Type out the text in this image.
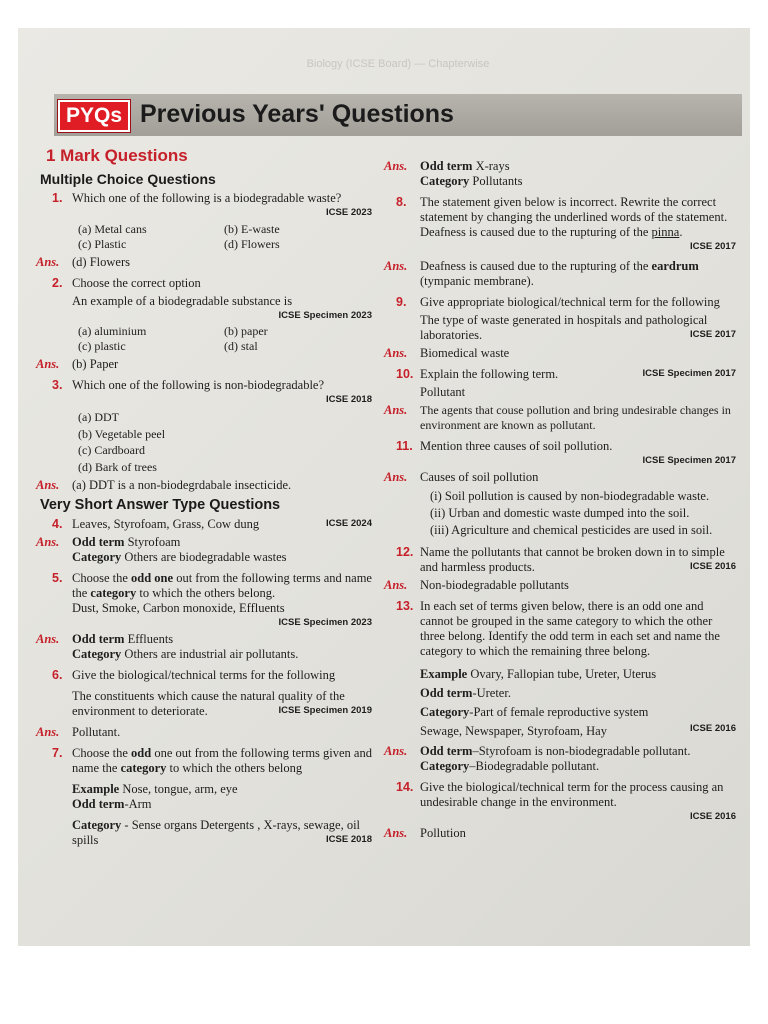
Biology (ICSE Board) — Chapterwise
PYQs Previous Years' Questions
1 Mark Questions
Multiple Choice Questions
1. Which one of the following is a biodegradable waste?
ICSE 2023
(a) Metal cans	(b) E-waste
(c) Plastic	(d) Flowers
Ans. (d) Flowers
2. Choose the correct option
An example of a biodegradable substance is
ICSE Specimen 2023
(a) aluminium	(b) paper
(c) plastic	(d) stal
Ans. (b) Paper
3. Which one of the following is non-biodegradable?
ICSE 2018
(a) DDT
(b) Vegetable peel
(c) Cardboard
(d) Bark of trees
Ans. (a) DDT is a non-biodegrdabale insecticide.
Very Short Answer Type Questions
4. Leaves, Styrofoam, Grass, Cow dung	ICSE 2024
Ans. Odd term Styrofoam
Category Others are biodegradable wastes
5. Choose the odd one out from the following terms and name the category to which the others belong.
Dust, Smoke, Carbon monoxide, Effluents
ICSE Specimen 2023
Ans. Odd term Effluents
Category Others are industrial air pollutants.
6. Give the biological/technical terms for the following
The constituents which cause the natural quality of the environment to deteriorate.	ICSE Specimen 2019
Ans. Pollutant.
7. Choose the odd one out from the following terms given and name the category to which the others belong
Example Nose, tongue, arm, eye
Odd term-Arm
Category - Sense organs Detergents , X-rays, sewage, oil spills	ICSE 2018
Ans. Odd term X-rays
Category Pollutants
8. The statement given below is incorrect. Rewrite the correct statement by changing the underlined words of the statement.
Deafness is caused due to the rupturing of the pinna.
ICSE 2017
Ans. Deafness is caused due to the rupturing of the eardrum (tympanic membrane).
9. Give appropriate biological/technical term for the following
The type of waste generated in hospitals and pathological laboratories.	ICSE 2017
Ans. Biomedical waste
10. Explain the following term.	ICSE Specimen 2017
Pollutant
Ans. The agents that couse pollution and bring undesirable changes in environment are known as pollutant.
11. Mention three causes of soil pollution.
ICSE Specimen 2017
Ans. Causes of soil pollution
(i) Soil pollution is caused by non-biodegradable waste.
(ii) Urban and domestic waste dumped into the soil.
(iii) Agriculture and chemical pesticides are used in soil.
12. Name the pollutants that cannot be broken down in to simple and harmless products.	ICSE 2016
Ans. Non-biodegradable pollutants
13. In each set of terms given below, there is an odd one and cannot be grouped in the same category to which the other three belong. Identify the odd term in each set and name the category to which the remaining three belong.
Example Ovary, Fallopian tube, Ureter, Uterus
Odd term-Ureter.
Category-Part of female reproductive system
Sewage, Newspaper, Styrofoam, Hay	ICSE 2016
Ans. Odd term–Styrofoam is non-biodegradable pollutant.
Category–Biodegradable pollutant.
14. Give the biological/technical term for the process causing an undesirable change in the environment.
ICSE 2016
Ans. Pollution
